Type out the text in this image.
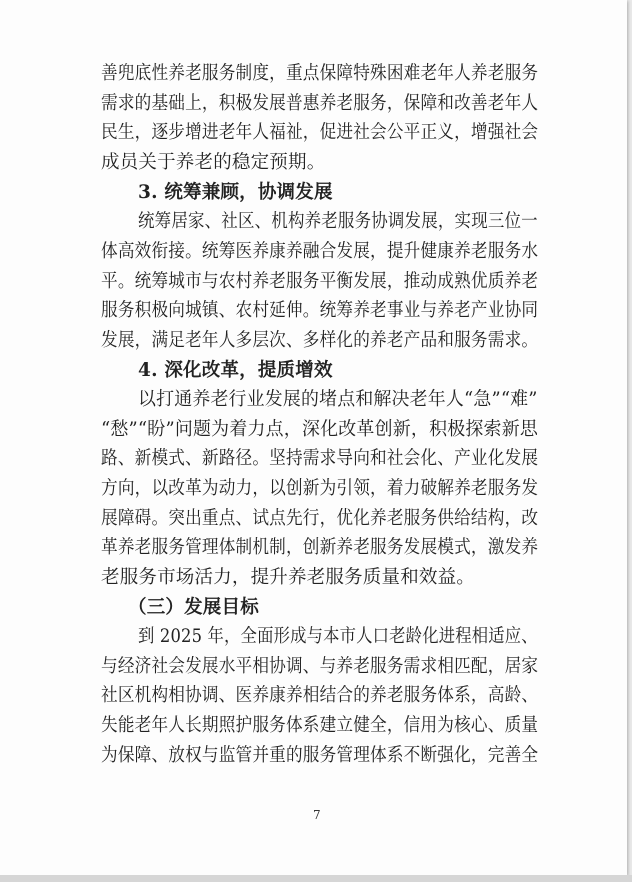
善兜底性养老服务制度，重点保障特殊困难老年人养老服务
需求的基础上，积极发展普惠养老服务，保障和改善老年人
民生，逐步增进老年人福祉，促进社会公平正义，增强社会
成员关于养老的稳定预期。
3. 统筹兼顾，协调发展
统筹居家、社区、机构养老服务协调发展，实现三位一
体高效衔接。统筹医养康养融合发展，提升健康养老服务水
平。统筹城市与农村养老服务平衡发展，推动成熟优质养老
服务积极向城镇、农村延伸。统筹养老事业与养老产业协同
发展，满足老年人多层次、多样化的养老产品和服务需求。
4. 深化改革，提质增效
以打通养老行业发展的堵点和解决老年人“急”“难”
“愁”“盼”问题为着力点，深化改革创新，积极探索新思
路、新模式、新路径。坚持需求导向和社会化、产业化发展
方向，以改革为动力，以创新为引领，着力破解养老服务发
展障碍。突出重点、试点先行，优化养老服务供给结构，改
革养老服务管理体制机制，创新养老服务发展模式，激发养
老服务市场活力，提升养老服务质量和效益。
（三）发展目标
到 2025 年，全面形成与本市人口老龄化进程相适应、
与经济社会发展水平相协调、与养老服务需求相匹配，居家
社区机构相协调、医养康养相结合的养老服务体系，高龄、
失能老年人长期照护服务体系建立健全，信用为核心、质量
为保障、放权与监管并重的服务管理体系不断强化，完善全
7
